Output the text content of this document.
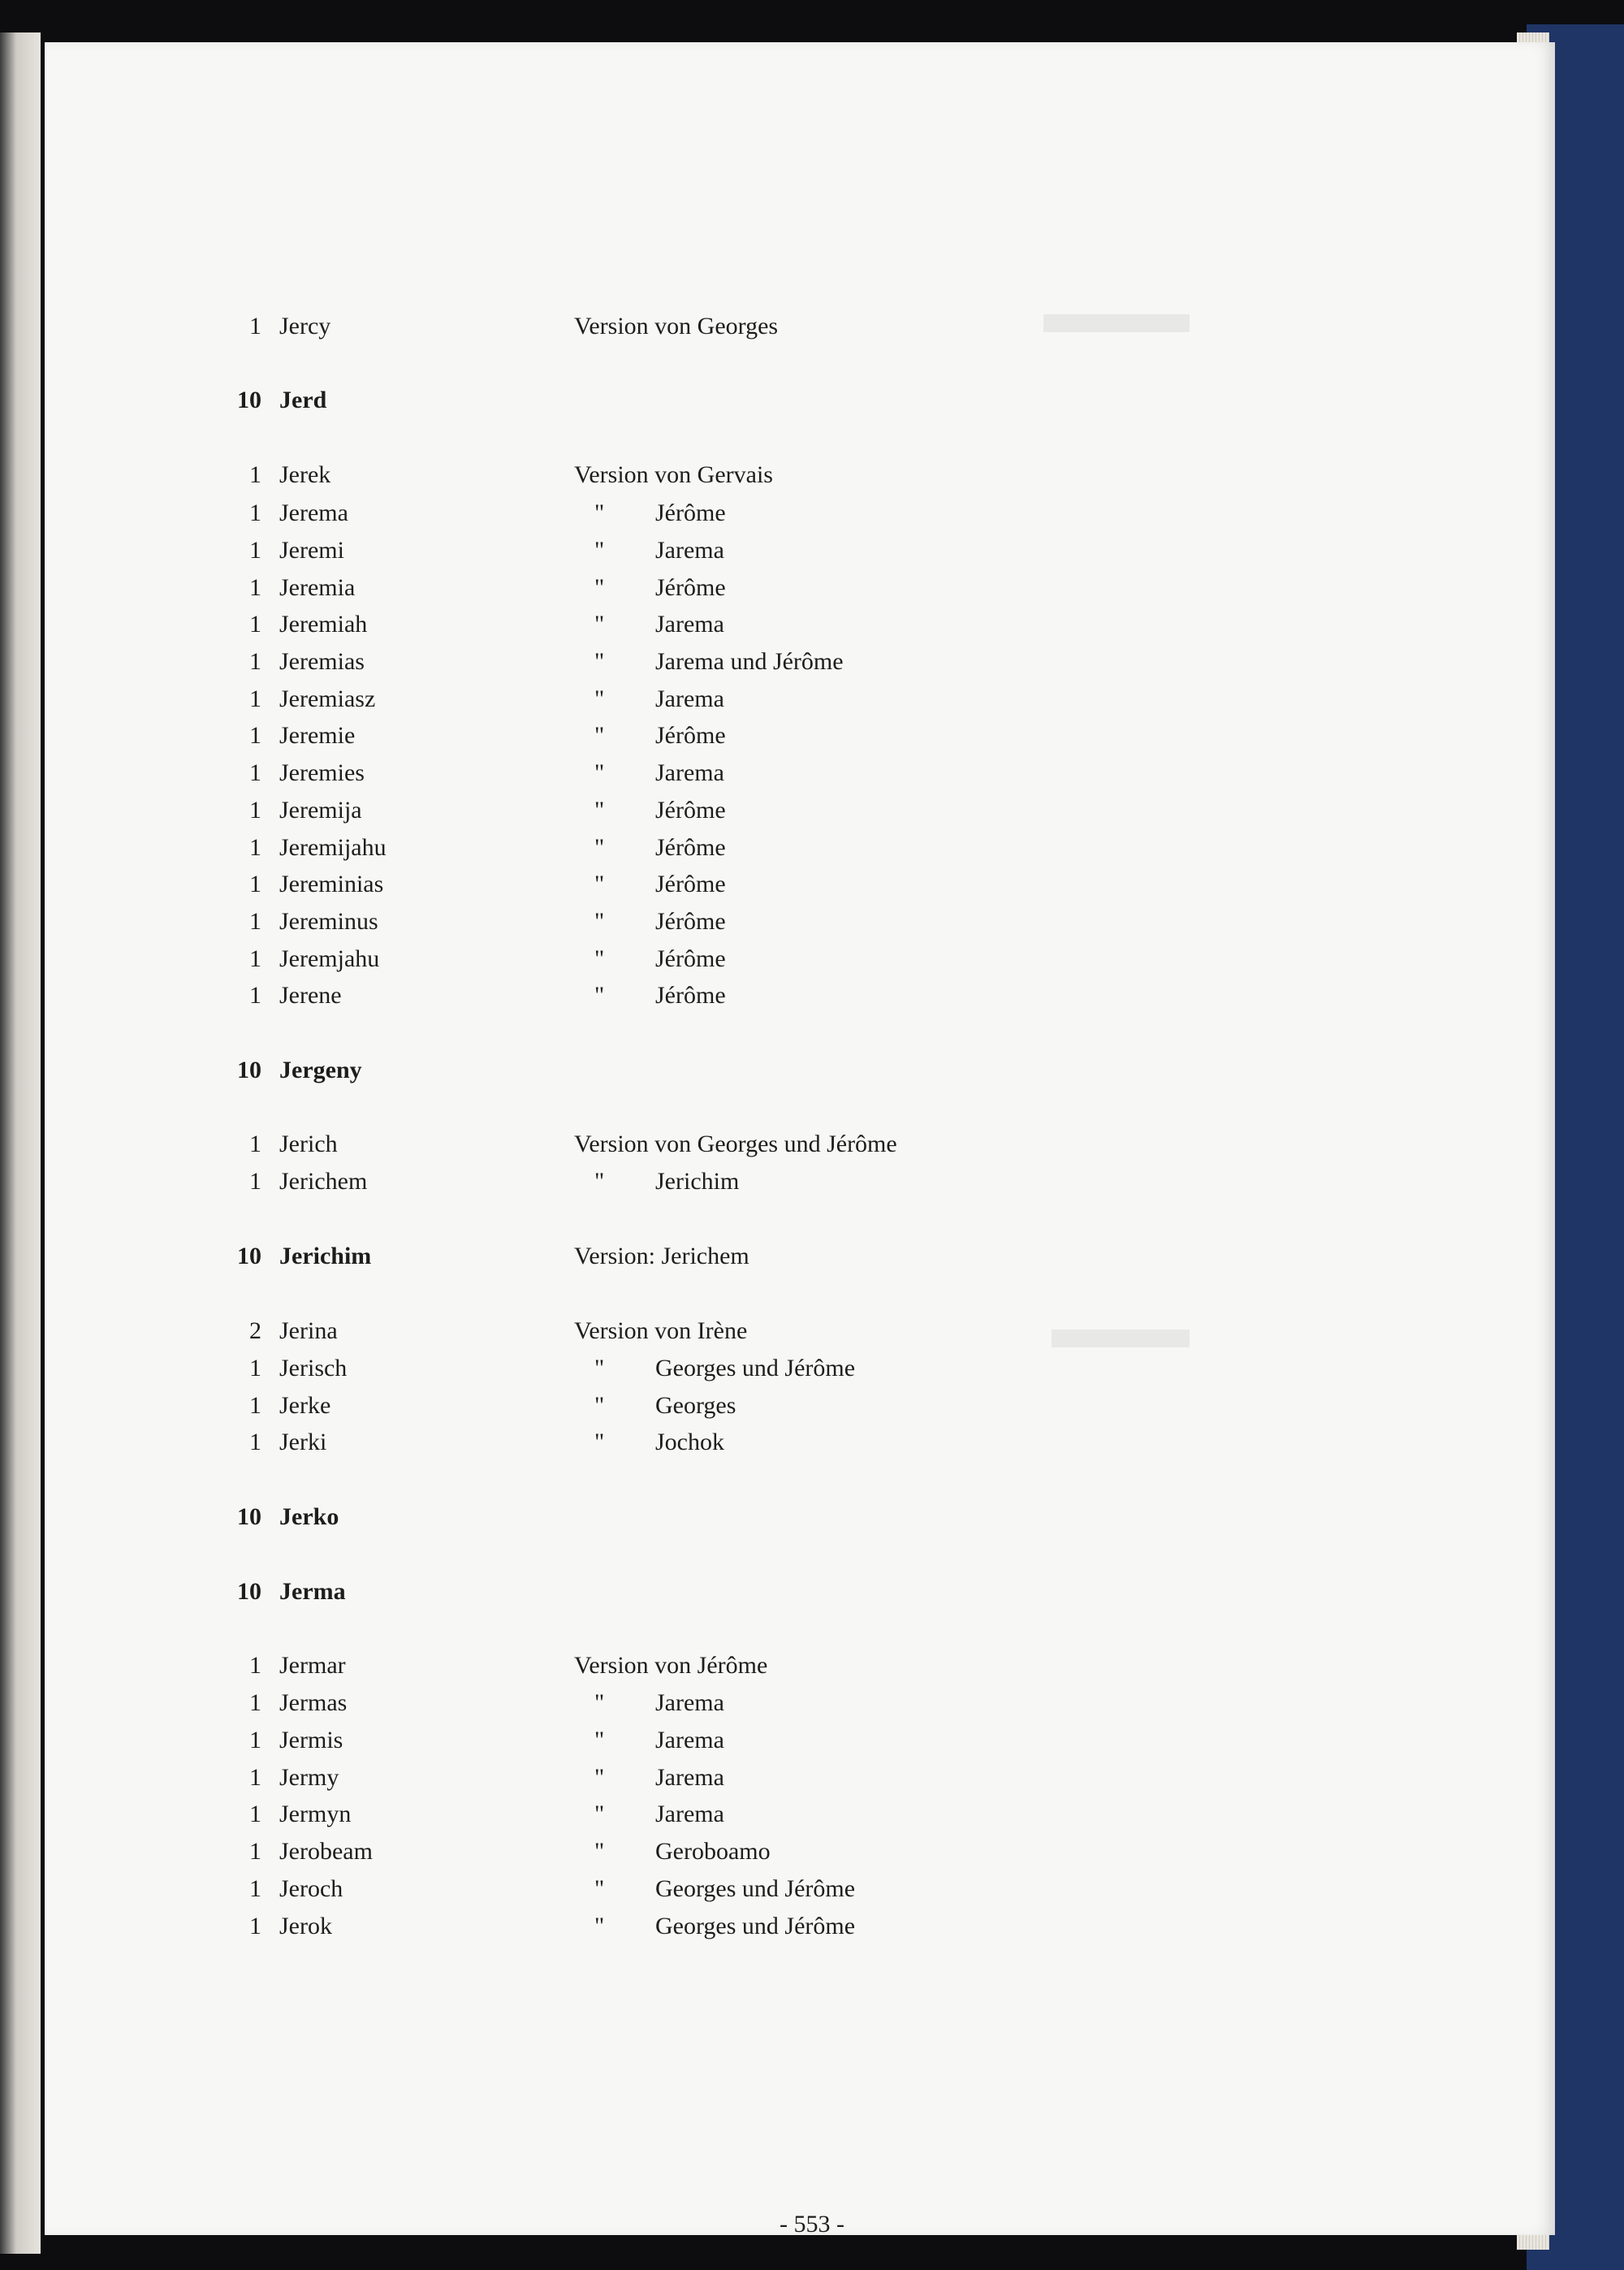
1 Jercy	Version von Georges
10 Jerd
1 Jerek	Version von Gervais
1 Jerema	" Jérôme
1 Jeremi	" Jarema
1 Jeremia	" Jérôme
1 Jeremiah	" Jarema
1 Jeremias	" Jarema und Jérôme
1 Jeremiasz	" Jarema
1 Jeremie	" Jérôme
1 Jeremies	" Jarema
1 Jeremija	" Jérôme
1 Jeremijahu	" Jérôme
1 Jereminias	" Jérôme
1 Jereminus	" Jérôme
1 Jeremjahu	" Jérôme
1 Jerene	" Jérôme
10 Jergeny
1 Jerich	Version von Georges und Jérôme
1 Jerichem	" Jerichim
10 Jerichim	Version: Jerichem
2 Jerina	Version von Irène
1 Jerisch	" Georges und Jérôme
1 Jerke	" Georges
1 Jerki	" Jochok
10 Jerko
10 Jerma
1 Jermar	Version von Jérôme
1 Jermas	" Jarema
1 Jermis	" Jarema
1 Jermy	" Jarema
1 Jermyn	" Jarema
1 Jerobeam	" Geroboamo
1 Jeroch	" Georges und Jérôme
1 Jerok	" Georges und Jérôme
- 553 -
